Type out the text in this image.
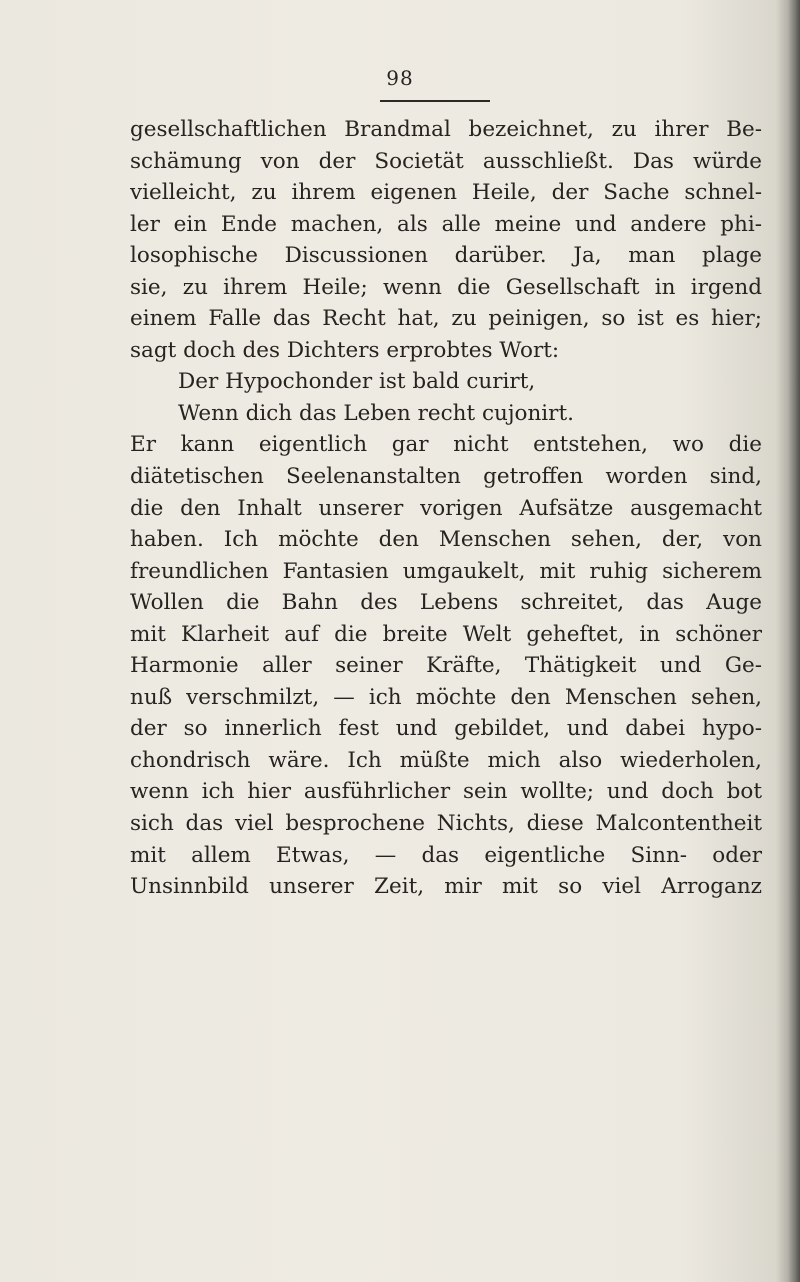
98
gesellschaftlichen Brandmal bezeichnet, zu ihrer Be-
schämung von der Societät ausschließt. Das würde
vielleicht, zu ihrem eigenen Heile, der Sache schnel-
ler ein Ende machen, als alle meine und andere phi-
losophische Discussionen darüber. Ja, man plage
sie, zu ihrem Heile; wenn die Gesellschaft in irgend
einem Falle das Recht hat, zu peinigen, so ist es hier;
sagt doch des Dichters erprobtes Wort:
Der Hypochonder ist bald curirt,
Wenn dich das Leben recht cujonirt.
Er kann eigentlich gar nicht entstehen, wo die
diätetischen Seelenanstalten getroffen worden sind,
die den Inhalt unserer vorigen Aufsätze ausgemacht
haben. Ich möchte den Menschen sehen, der, von
freundlichen Fantasien umgaukelt, mit ruhig sicherem
Wollen die Bahn des Lebens schreitet, das Auge
mit Klarheit auf die breite Welt geheftet, in schöner
Harmonie aller seiner Kräfte, Thätigkeit und Ge-
nuß verschmilzt, — ich möchte den Menschen sehen,
der so innerlich fest und gebildet, und dabei hypo-
chondrisch wäre. Ich müßte mich also wiederholen,
wenn ich hier ausführlicher sein wollte; und doch bot
sich das viel besprochene Nichts, diese Malcontentheit
mit allem Etwas, — das eigentliche Sinn- oder
Unsinnbild unserer Zeit, mir mit so viel Arroganz
